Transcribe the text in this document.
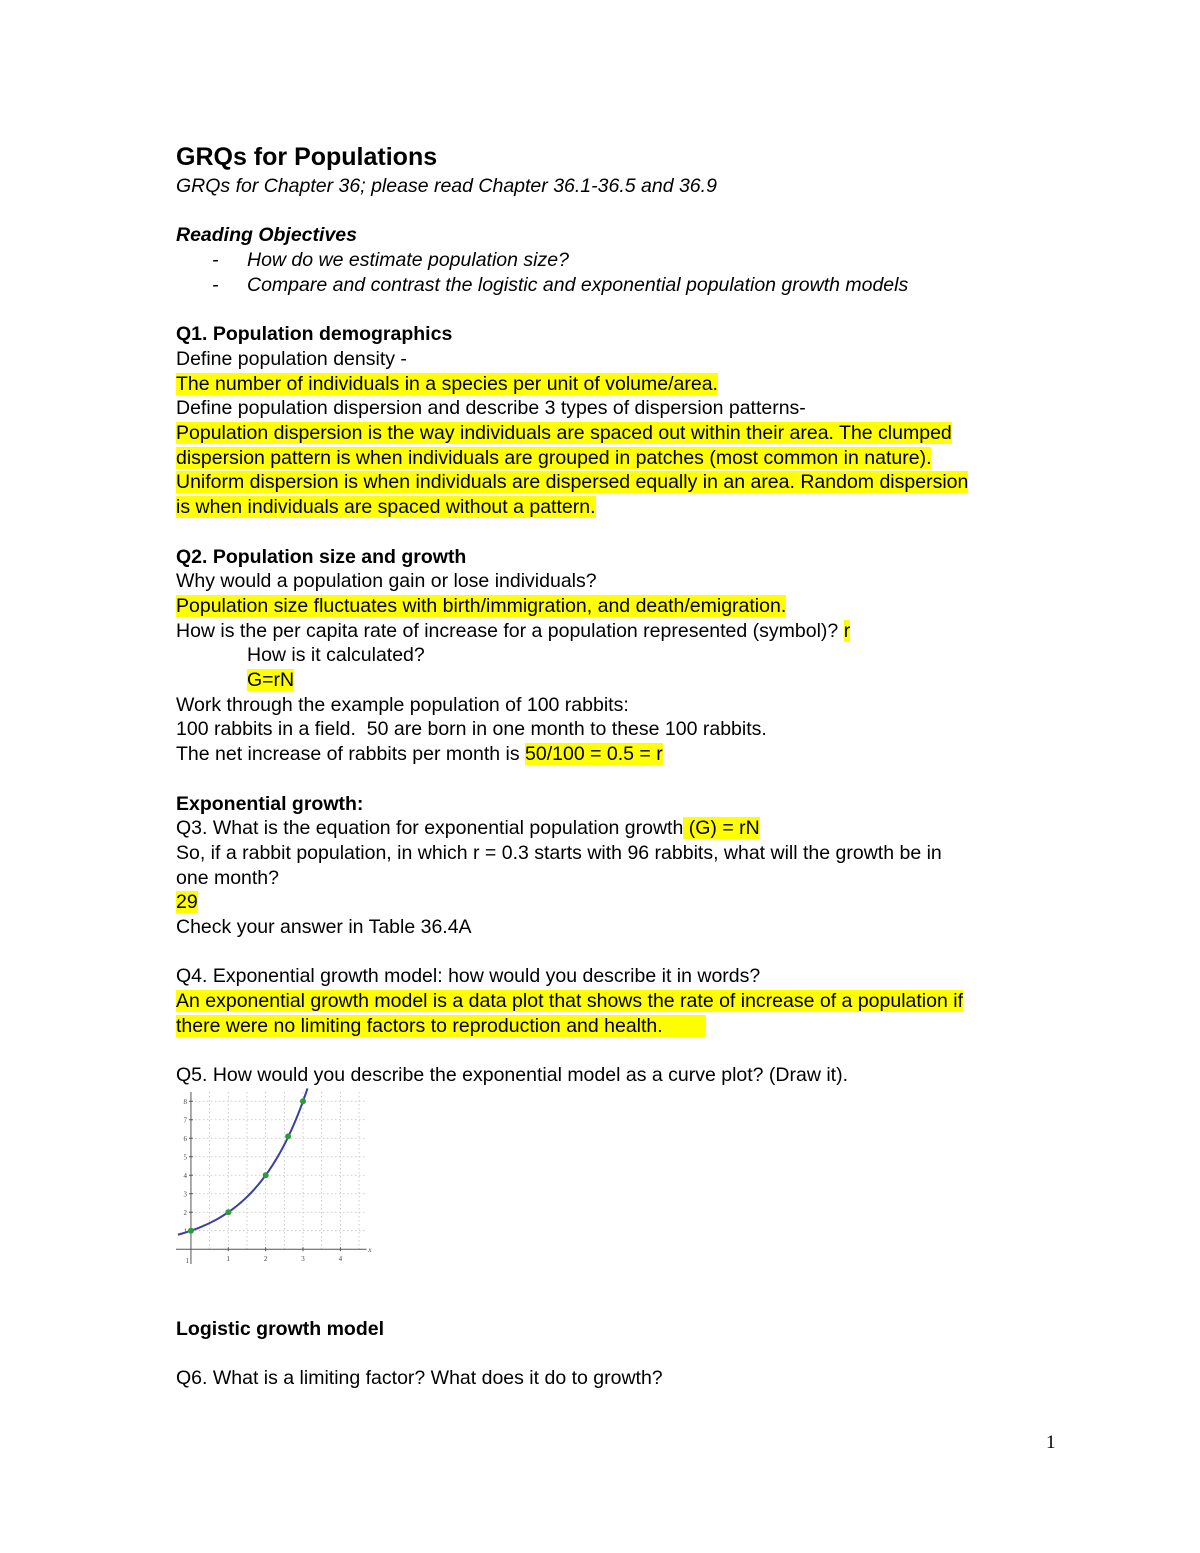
GRQs for Populations
GRQs for Chapter 36; please read Chapter 36.1-36.5 and 36.9
Reading Objectives
- How do we estimate population size?
- Compare and contrast the logistic and exponential population growth models
Q1. Population demographics
Define population density -
The number of individuals in a species per unit of volume/area.
Define population dispersion and describe 3 types of dispersion patterns-
Population dispersion is the way individuals are spaced out within their area. The clumped
dispersion pattern is when individuals are grouped in patches (most common in nature).
Uniform dispersion is when individuals are dispersed equally in an area. Random dispersion
is when individuals are spaced without a pattern.
Q2. Population size and growth
Why would a population gain or lose individuals?
Population size fluctuates with birth/immigration, and death/emigration.
How is the per capita rate of increase for a population represented (symbol)? r
How is it calculated?
G=rN
Work through the example population of 100 rabbits:
100 rabbits in a field.  50 are born in one month to these 100 rabbits.
The net increase of rabbits per month is 50/100 = 0.5 = r
Exponential growth:
Q3. What is the equation for exponential population growth (G) = rN
So, if a rabbit population, in which r = 0.3 starts with 96 rabbits, what will the growth be in
one month?
29
Check your answer in Table 36.4A
Q4. Exponential growth model: how would you describe it in words?
An exponential growth model is a data plot that shows the rate of increase of a population if
there were no limiting factors to reproduction and health.
Q5. How would you describe the exponential model as a curve plot? (Draw it).
1
2
3
4
5
6
7
8
1	2	3	4
x
1
Logistic growth model
Q6. What is a limiting factor? What does it do to growth?
1
